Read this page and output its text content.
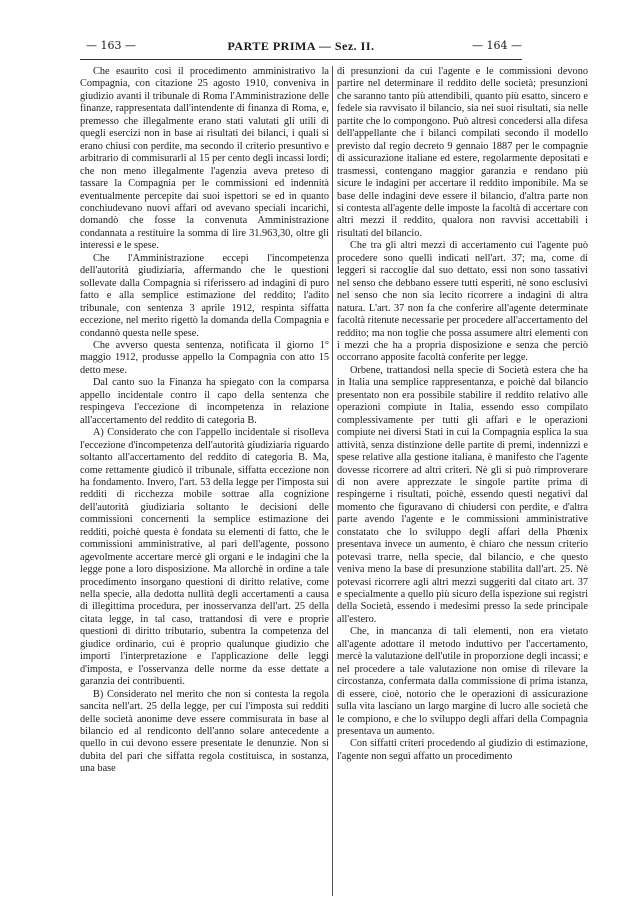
— 163 —	PARTE PRIMA — Sez. II.	— 164 —

Che esaurito così il procedimento amministrativo la Compagnia, con citazione 25 agosto 1910, conveniva in giudizio avanti il tribunale di Roma l'Amministrazione delle finanze, rappresentata dall'intendente di finanza di Roma, e, premesso che illegalmente erano stati valutati gli utili di quegli esercizi non in base ai risultati dei bilanci, i quali si erano chiusi con perdite, ma secondo il criterio presuntivo e arbitrario di commisurarli al 15 per cento degli incassi lordi; che non meno illegalmente l'agenzia aveva preteso di tassare la Compagnia per le commissioni ed indennità eventualmente percepite dai suoi ispettori se ed in quanto conchiudevano nuovi affari od avevano speciali incarichi, domandò che fosse la convenuta Amministrazione condannata a restituire la somma di lire 31.963,30, oltre gli interessi e le spese.

Che l'Amministrazione eccepì l'incompetenza dell'autorità giudiziaria, affermando che le questioni sollevate dalla Compagnia si riferissero ad indagini di puro fatto e alla semplice estimazione del reddito; l'adito tribunale, con sentenza 3 aprile 1912, respinta siffatta eccezione, nel merito rigettò la domanda della Compagnia e condannò questa nelle spese.

Che avverso questa sentenza, notificata il giorno 1° maggio 1912, produsse appello la Compagnia con atto 15 detto mese.

Dal canto suo la Finanza ha spiegato con la comparsa appello incidentale contro il capo della sentenza che respingeva l'eccezione di incompetenza in relazione all'accertamento del reddito di categoria B.

A) Considerato che con l'appello incidentale si risolleva l'eccezione d'incompetenza dell'autorità giudiziaria riguardo soltanto all'accertamento del reddito di categoria B. Ma, come rettamente giudicò il tribunale, siffatta eccezione non ha fondamento. Invero, l'art. 53 della legge per l'imposta sui redditi di ricchezza mobile sottrae alla cognizione dell'autorità giudiziaria soltanto le decisioni delle commissioni concernenti la semplice estimazione dei redditi, poichè questa è fondata su elementi di fatto, che le commissioni amministrative, al pari dell'agente, possono agevolmente accertare mercè gli organi e le indagini che la legge pone a loro disposizione. Ma allorchè in ordine a tale procedimento insorgano questioni di diritto relative, come nella specie, alla dedotta nullità degli accertamenti a causa di illegittima procedura, per inosservanza dell'art. 25 della citata legge, in tal caso, trattandosi di vere e proprie questioni di diritto tributario, subentra la competenza del giudice ordinario, cui è proprio qualunque giudizio che importi l'interpretazione e l'applicazione delle leggi d'imposta, e l'osservanza delle norme da esse dettate a garanzia dei contribuenti.

B) Considerato nel merito che non si contesta la regola sancita nell'art. 25 della legge, per cui l'imposta sui redditi delle società anonime deve essere commisurata in base al bilancio ed al rendiconto dell'anno solare antecedente a quello in cui devono essere presentate le denunzie. Non si dubita del pari che siffatta regola costituisca, in sostanza, una base

di presunzioni da cui l'agente e le commissioni devono partire nel determinare il reddito delle società; presunzioni che saranno tanto più attendibili, quanto più esatto, sincero e fedele sia ravvisato il bilancio, sia nei suoi risultati, sia nelle partite che lo compongono. Può altresì concedersi alla difesa dell'appellante che i bilanci compilati secondo il modello previsto dal regio decreto 9 gennaio 1887 per le compagnie di assicurazione italiane ed estere, regolarmente depositati e trasmessi, contengano maggior garanzia e rendano più sicure le indagini per accertare il reddito imponibile. Ma se base delle indagini deve essere il bilancio, d'altra parte non si contesta all'agente delle imposte la facoltà di accertare con altri mezzi il reddito, qualora non ravvisi accettabili i risultati del bilancio.

Che tra gli altri mezzi di accertamento cui l'agente può procedere sono quelli indicati nell'art. 37; ma, come di leggeri si raccoglie dal suo dettato, essi non sono tassativi nel senso che debbano essere tutti esperiti, nè sono esclusivi nel senso che non sia lecito ricorrere a indagini di altra natura. L'art. 37 non fa che conferire all'agente determinate facoltà ritenute necessarie per procedere all'accertamento del reddito; ma non toglie che possa assumere altri elementi con i mezzi che ha a propria disposizione e senza che perciò occorrano apposite facoltà conferite per legge.

Orbene, trattandosi nella specie di Società estera che ha in Italia una semplice rappresentanza, e poichè dal bilancio presentato non era possibile stabilire il reddito relativo alle operazioni compiute in Italia, essendo esso compilato complessivamente per tutti gli affari e le operazioni compiute nei diversi Stati in cui la Compagnia esplica la sua attività, senza distinzione delle partite di premi, indennizzi e spese relative alla gestione italiana, è manifesto che l'agente dovesse ricorrere ad altri criteri. Nè gli si può rimproverare di non avere apprezzate le singole partite prima di respingerne i risultati, poichè, essendo questi negativi dal momento che figuravano di chiudersi con perdite, e d'altra parte avendo l'agente e le commissioni amministrative constatato che lo sviluppo degli affari della Phœnix presentava invece un aumento, è chiaro che nessun criterio potevasi trarre, nella specie, dal bilancio, e che questo veniva meno la base di presunzione stabilita dall'art. 25. Nè potevasi ricorrere agli altri mezzi suggeriti dal citato art. 37 e specialmente a quello più sicuro della ispezione sui registri della Società, essendo i medesimi presso la sede principale all'estero.

Che, in mancanza di tali elementi, non era vietato all'agente adottare il metodo induttivo per l'accertamento, mercè la valutazione dell'utile in proporzione degli incassi; e nel procedere a tale valutazione non omise di rilevare la circostanza, confermata dalla commissione di prima istanza, di essere, cioè, notorio che le operazioni di assicurazione sulla vita lasciano un largo margine di lucro alle società che le compiono, e che lo sviluppo degli affari della Compagnia presentava un aumento.

Con siffatti criteri procedendo al giudizio di estimazione, l'agente non seguì affatto un procedimento
